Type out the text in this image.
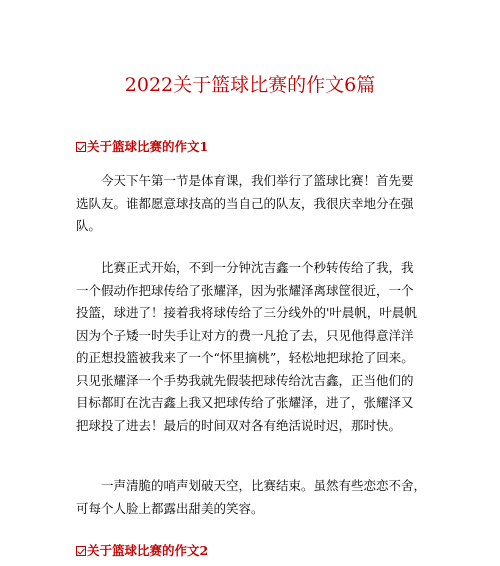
2022关于篮球比赛的作文6篇
关于篮球比赛的作文1
今天下午第一节是体育课，我们举行了篮球比赛！首先要
选队友。谁都愿意球技高的当自己的队友，我很庆幸地分在强
队。
比赛正式开始，不到一分钟沈吉鑫一个秒转传给了我，我
一个假动作把球传给了张耀泽，因为张耀泽离球筐很近，一个
投篮，球进了！接着我将球传给了三分线外的'叶晨帆，叶晨帆
因为个子矮一时失手让对方的费一凡抢了去，只见他得意洋洋
的正想投篮被我来了一个“怀里摘桃”，轻松地把球抢了回来。
只见张耀泽一个手势我就先假装把球传给沈吉鑫，正当他们的
目标都盯在沈吉鑫上我又把球传给了张耀泽，进了，张耀泽又
把球投了进去！最后的时间双对各有绝活说时迟，那时快。
一声清脆的哨声划破天空，比赛结束。虽然有些恋恋不舍，
可每个人脸上都露出甜美的笑容。
关于篮球比赛的作文2
